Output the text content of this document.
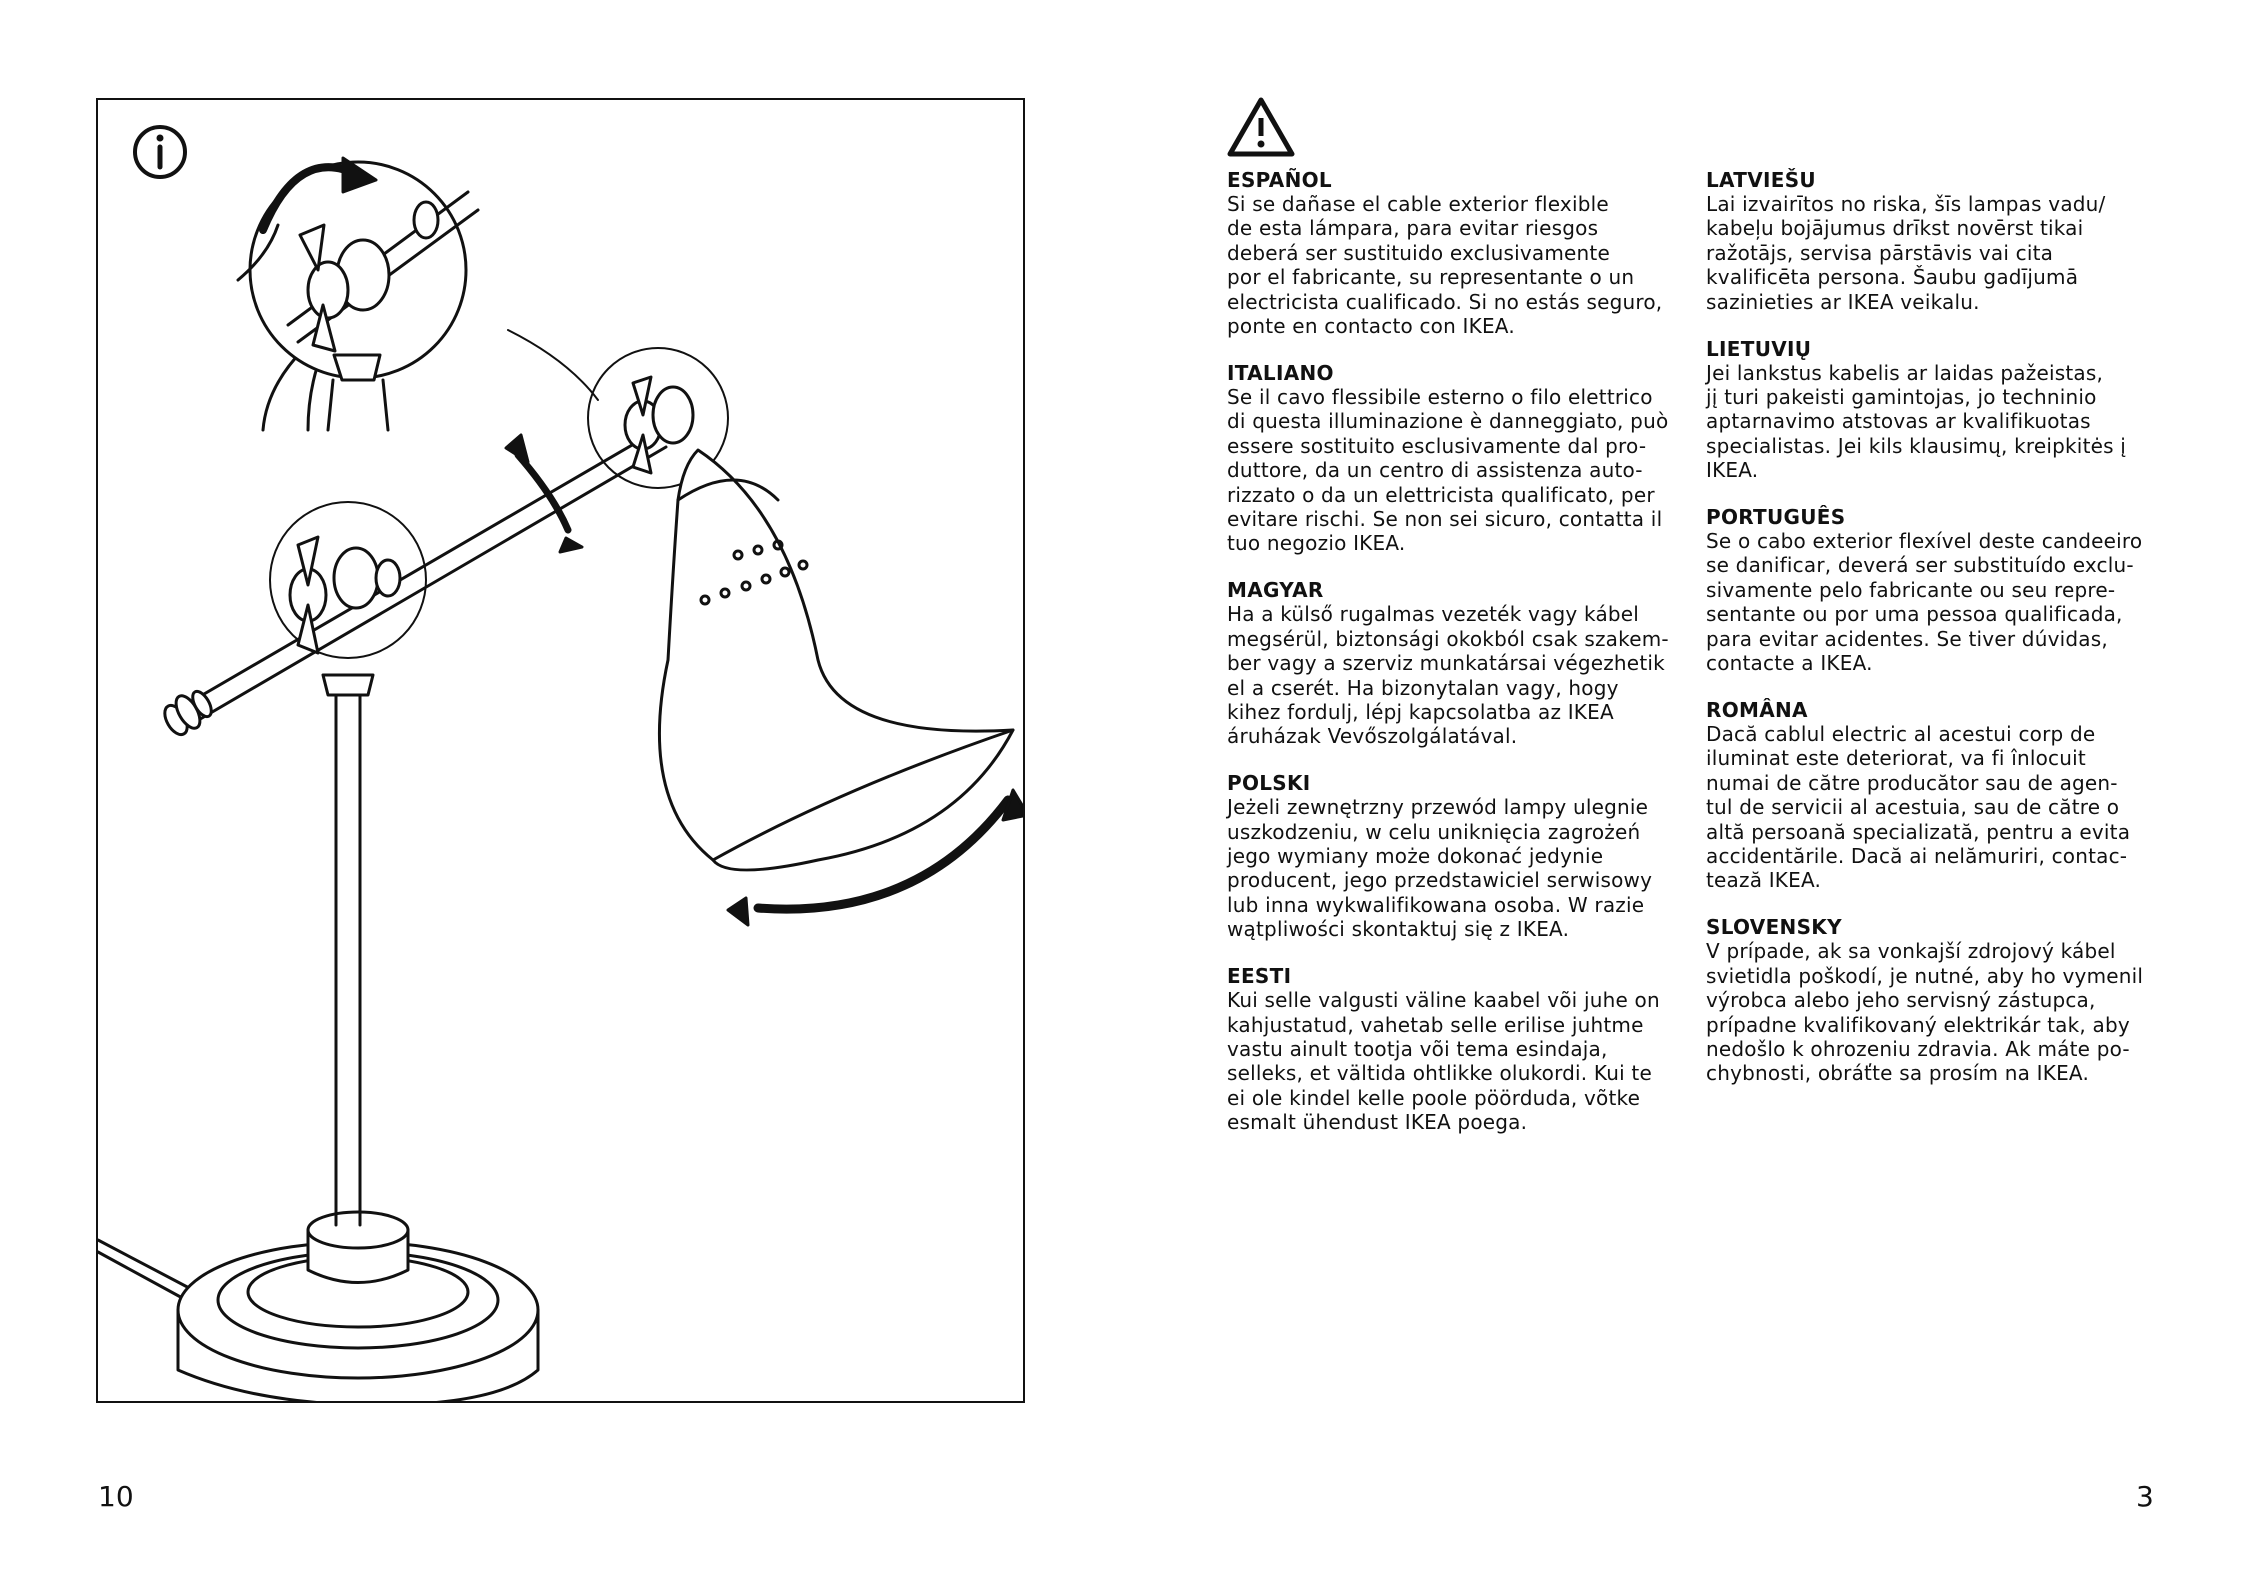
10
ESPAÑOL
Si se dañase el cable exterior flexible
de esta lámpara, para evitar riesgos
deberá ser sustituido exclusivamente
por el fabricante, su representante o un
electricista cualificado. Si no estás seguro,
ponte en contacto con IKEA.
ITALIANO
Se il cavo flessibile esterno o filo elettrico
di questa illuminazione è danneggiato, può
essere sostituito esclusivamente dal pro-
duttore, da un centro di assistenza auto-
rizzato o da un elettricista qualificato, per
evitare rischi. Se non sei sicuro, contatta il
tuo negozio IKEA.
MAGYAR
Ha a külső rugalmas vezeték vagy kábel
megsérül, biztonsági okokból csak szakem-
ber vagy a szerviz munkatársai végezhetik
el a cserét. Ha bizonytalan vagy, hogy
kihez fordulj, lépj kapcsolatba az IKEA
áruházak Vevőszolgálatával.
POLSKI
Jeżeli zewnętrzny przewód lampy ulegnie
uszkodzeniu, w celu uniknięcia zagrożeń
jego wymiany może dokonać jedynie
producent, jego przedstawiciel serwisowy
lub inna wykwalifikowana osoba. W razie
wątpliwości skontaktuj się z IKEA.
EESTI
Kui selle valgusti väline kaabel või juhe on
kahjustatud, vahetab selle erilise juhtme
vastu ainult tootja või tema esindaja,
selleks, et vältida ohtlikke olukordi. Kui te
ei ole kindel kelle poole pöörduda, võtke
esmalt ühendust IKEA poega.
LATVIEŠU
Lai izvairītos no riska, šīs lampas vadu/
kabeļu bojājumus drīkst novērst tikai
ražotājs, servisa pārstāvis vai cita
kvalificēta persona. Šaubu gadījumā
sazinieties ar IKEA veikalu.
LIETUVIŲ
Jei lankstus kabelis ar laidas pažeistas,
jį turi pakeisti gamintojas, jo techninio
aptarnavimo atstovas ar kvalifikuotas
specialistas. Jei kils klausimų, kreipkitės į
IKEA.
PORTUGUÊS
Se o cabo exterior flexível deste candeeiro
se danificar, deverá ser substituído exclu-
sivamente pelo fabricante ou seu repre-
sentante ou por uma pessoa qualificada,
para evitar acidentes. Se tiver dúvidas,
contacte a IKEA.
ROMÂNA
Dacă cablul electric al acestui corp de
iluminat este deteriorat, va fi înlocuit
numai de către producător sau de agen-
tul de servicii al acestuia, sau de către o
altă persoană specializată, pentru a evita
accidentările. Dacă ai nelămuriri, contac-
tează IKEA.
SLOVENSKY
V prípade, ak sa vonkajší zdrojový kábel
svietidla poškodí, je nutné, aby ho vymenil
výrobca alebo jeho servisný zástupca,
prípadne kvalifikovaný elektrikár tak, aby
nedošlo k ohrozeniu zdravia. Ak máte po-
chybnosti, obráťte sa prosím na IKEA.
3
